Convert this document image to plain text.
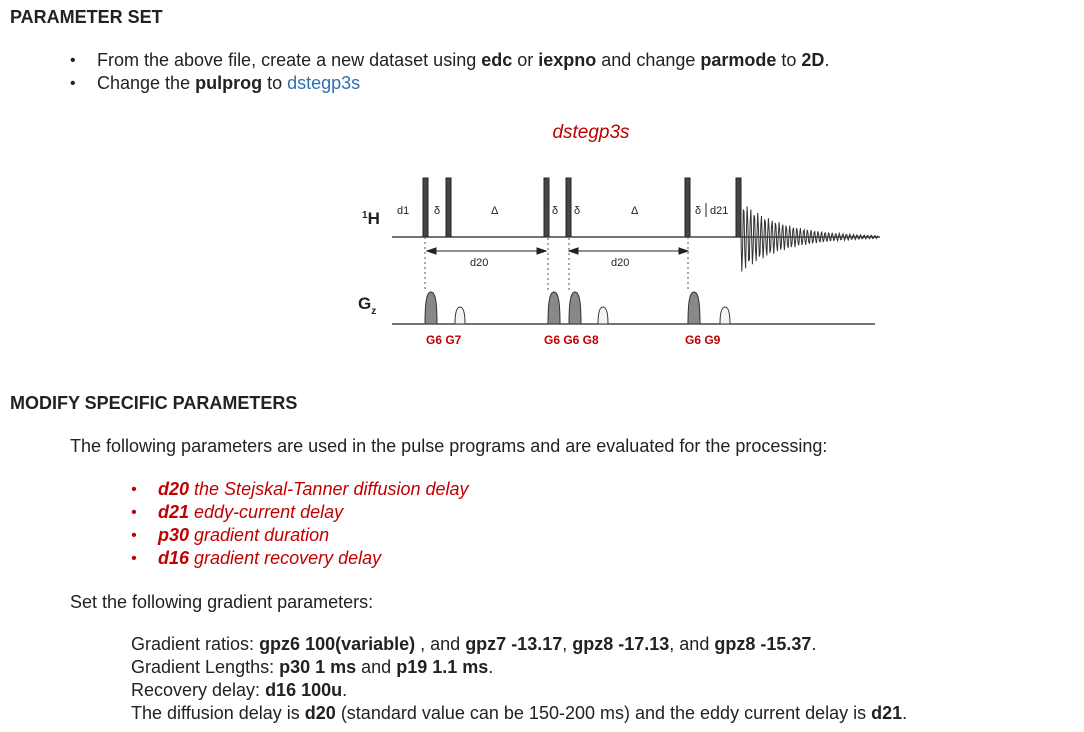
PARAMETER SET
• From the above file, create a new dataset using edc or iexpno and change parmode to 2D.
• Change the pulprog to dstegp3s
dstegp3s
$^1$H
$G_z$
d1 δ	Δ	δ δ	Δ	δ d21
d20	d20
G6 G7	G6 G6 G8	G6 G9
MODIFY SPECIFIC PARAMETERS

The following parameters are used in the pulse programs and are evaluated for the processing:

• d20 the Stejskal-Tanner diffusion delay
• d21 eddy-current delay
• p30 gradient duration
• d16 gradient recovery delay

Set the following gradient parameters:

Gradient ratios: gpz6 100(variable) , and gpz7 -13.17, gpz8 -17.13, and gpz8 -15.37.
Gradient Lengths: p30 1 ms and p19 1.1 ms.
Recovery delay: d16 100u.
The diffusion delay is d20 (standard value can be 150-200 ms) and the eddy current delay is d21.
